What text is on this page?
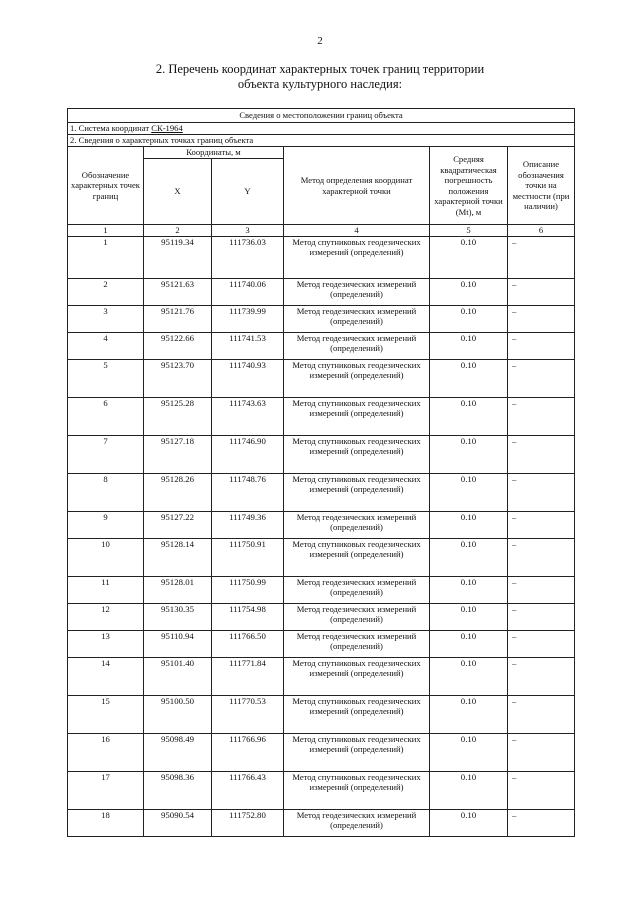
2
2. Перечень координат характерных точек границ территории
объекта культурного наследия:
Сведения о местоположении границ объекта					
1. Система координат СК-1964					
2. Сведения о характерных точках границ объекта					
Обозначение характерных точек границ	Координаты, м		Метод определения координат характерной точки	Средняя квадратическая погрешность положения характерной точки (Mt), м	Описание обозначения точки на местности (при наличии)
	X	Y			
1	2	3	4	5	6
1	95119.34	111736.03	Метод спутниковых геодезических измерений (определений)	0.10	–
2	95121.63	111740.06	Метод геодезических измерений (определений)	0.10	–
3	95121.76	111739.99	Метод геодезических измерений (определений)	0.10	–
4	95122.66	111741.53	Метод геодезических измерений (определений)	0.10	–
5	95123.70	111740.93	Метод спутниковых геодезических измерений (определений)	0.10	–
6	95125.28	111743.63	Метод спутниковых геодезических измерений (определений)	0.10	–
7	95127.18	111746.90	Метод спутниковых геодезических измерений (определений)	0.10	–
8	95128.26	111748.76	Метод спутниковых геодезических измерений (определений)	0.10	–
9	95127.22	111749.36	Метод геодезических измерений (определений)	0.10	–
10	95128.14	111750.91	Метод спутниковых геодезических измерений (определений)	0.10	–
11	95128.01	111750.99	Метод геодезических измерений (определений)	0.10	–
12	95130.35	111754.98	Метод геодезических измерений (определений)	0.10	–
13	95110.94	111766.50	Метод геодезических измерений (определений)	0.10	–
14	95101.40	111771.84	Метод спутниковых геодезических измерений (определений)	0.10	–
15	95100.50	111770.53	Метод спутниковых геодезических измерений (определений)	0.10	–
16	95098.49	111766.96	Метод спутниковых геодезических измерений (определений)	0.10	–
17	95098.36	111766.43	Метод спутниковых геодезических измерений (определений)	0.10	–
18	95090.54	111752.80	Метод геодезических измерений (определений)	0.10	–
